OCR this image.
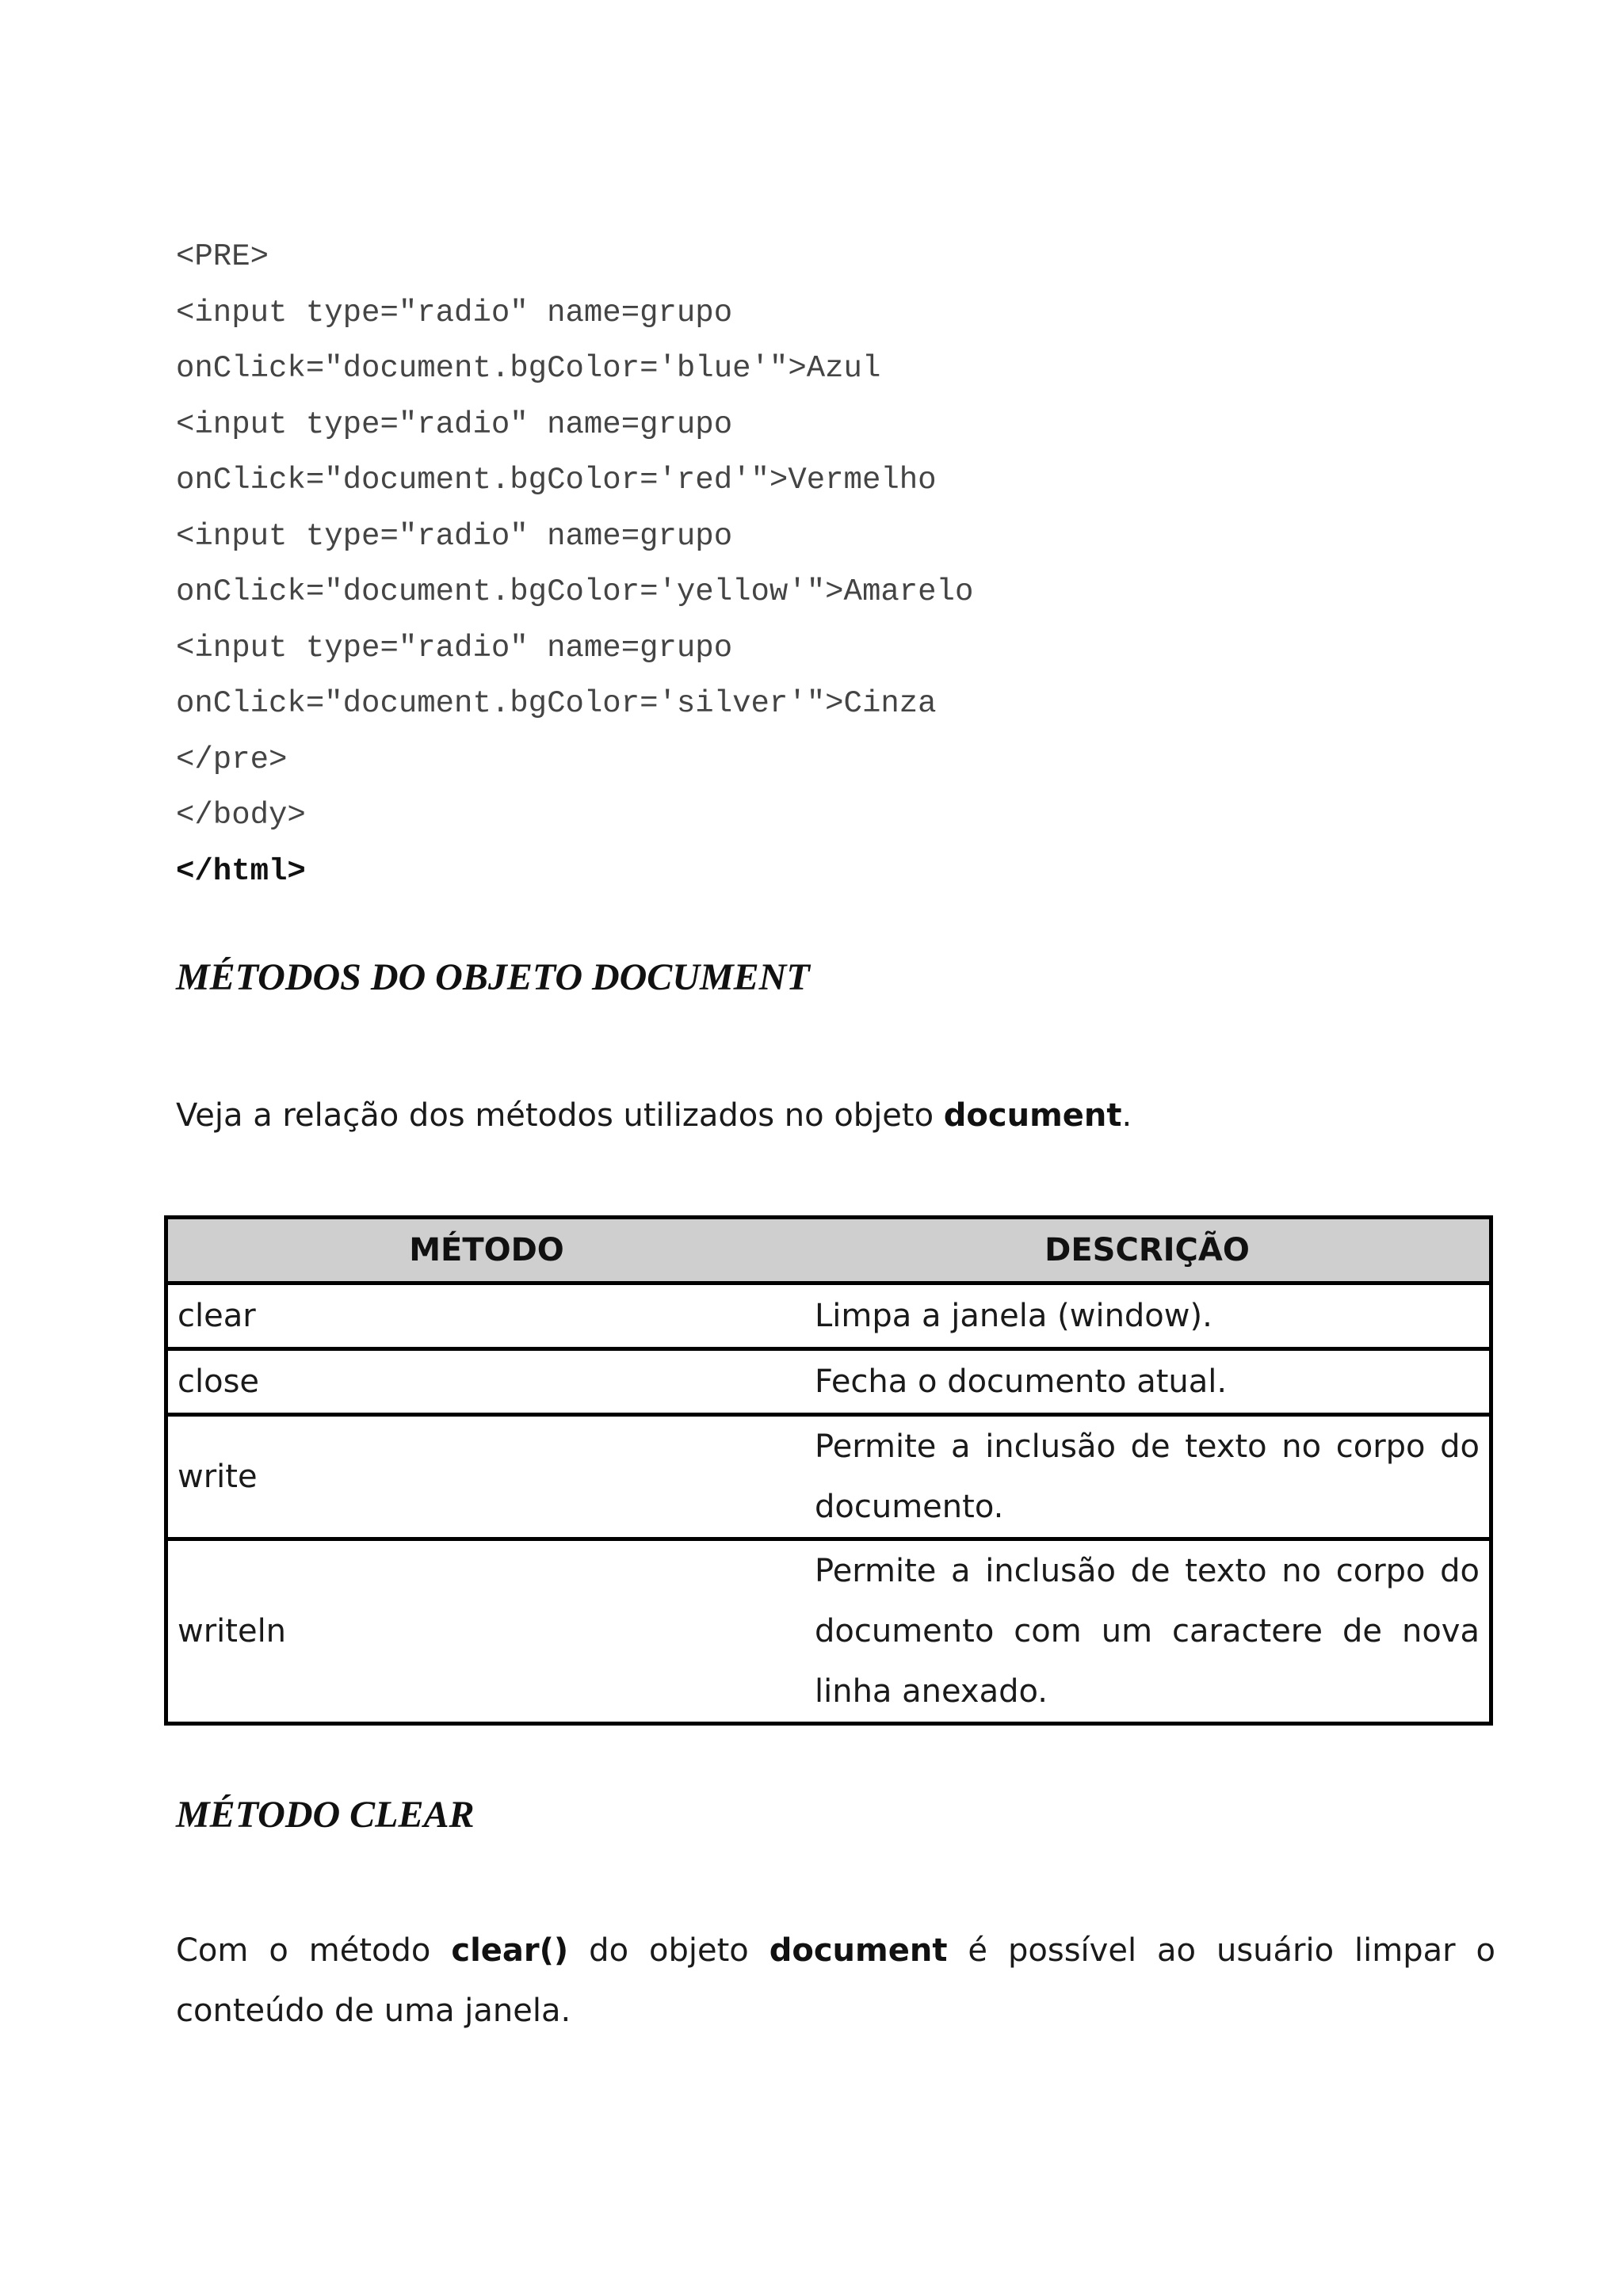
<PRE>
<input type="radio" name=grupo
onClick="document.bgColor='blue'">Azul
<input type="radio" name=grupo
onClick="document.bgColor='red'">Vermelho
<input type="radio" name=grupo
onClick="document.bgColor='yellow'">Amarelo
<input type="radio" name=grupo
onClick="document.bgColor='silver'">Cinza
</pre>
</body>
</html>
MÉTODOS DO OBJETO DOCUMENT

Veja a relação dos métodos utilizados no objeto document.

MÉTODO	DESCRIÇÃO
clear	Limpa a janela (window).
close	Fecha o documento atual.
write	Permite a inclusão de texto no corpo do documento.
writeln	Permite a inclusão de texto no corpo do documento com um caractere de nova linha anexado.
MÉTODO CLEAR

Com o método clear() do objeto document é possível ao usuário limpar o conteúdo de uma janela.
